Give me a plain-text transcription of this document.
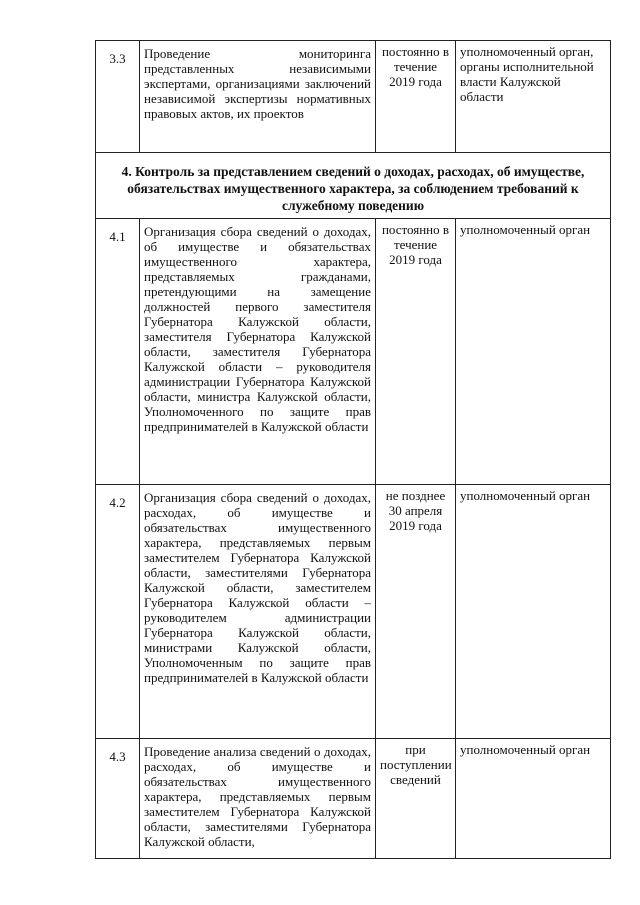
3.3	Проведение мониторинга представленных независимыми экспертами, организациями заключений независимой экспертизы нормативных правовых актов, их проектов	постоянно в течение 2019 года	уполномоченный орган, органы исполнительной власти Калужской области
4. Контроль за представлением сведений о доходах, расходах, об имуществе, обязательствах имущественного характера, за соблюдением требований к служебному поведению			
4.1	Организация сбора сведений о доходах, об имуществе и обязательствах имущественного характера, представляемых гражданами, претендующими на замещение должностей первого заместителя Губернатора Калужской области, заместителя Губернатора Калужской области, заместителя Губернатора Калужской области – руководителя администрации Губернатора Калужской области, министра Калужской области, Уполномоченного по защите прав предпринимателей в Калужской области	постоянно в течение 2019 года	уполномоченный орган
4.2	Организация сбора сведений о доходах, расходах, об имуществе и обязательствах имущественного характера, представляемых первым заместителем Губернатора Калужской области, заместителями Губернатора Калужской области, заместителем Губернатора Калужской области – руководителем администрации Губернатора Калужской области, министрами Калужской области, Уполномоченным по защите прав предпринимателей в Калужской области	не позднее 30 апреля 2019 года	уполномоченный орган
4.3	Проведение анализа сведений о доходах, расходах, об имуществе и обязательствах имущественного характера, представляемых первым заместителем Губернатора Калужской области, заместителями Губернатора Калужской области,	при поступлении сведений	уполномоченный орган
